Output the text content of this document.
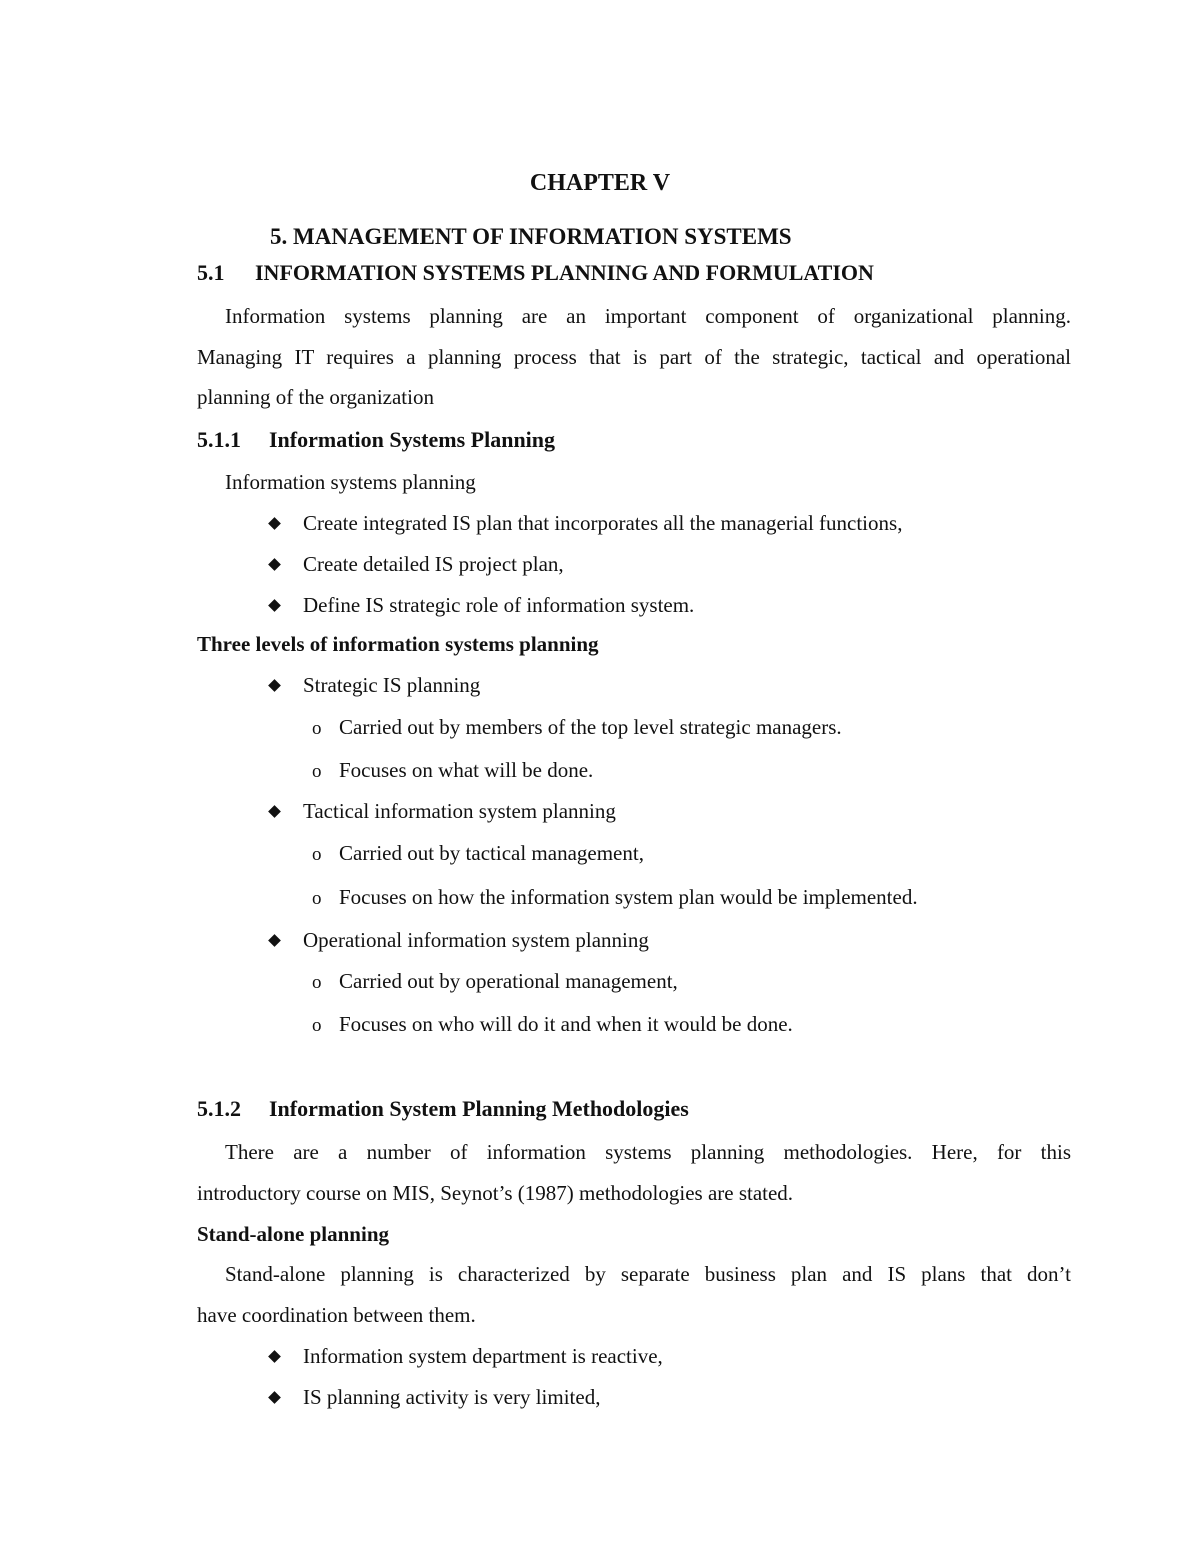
CHAPTER V
5. MANAGEMENT OF INFORMATION SYSTEMS
5.1 INFORMATION SYSTEMS PLANNING AND FORMULATION
Information systems planning are an important component of organizational planning.
Managing IT requires a planning process that is part of the strategic, tactical and operational
planning of the organization
5.1.1 Information Systems Planning
Information systems planning
Create integrated IS plan that incorporates all the managerial functions,
Create detailed IS project plan,
Define IS strategic role of information system.
Three levels of information systems planning
Strategic IS planning
o Carried out by members of the top level strategic managers.
o Focuses on what will be done.
Tactical information system planning
o Carried out by tactical management,
o Focuses on how the information system plan would be implemented.
Operational information system planning
o Carried out by operational management,
o Focuses on who will do it and when it would be done.
5.1.2 Information System Planning Methodologies
There are a number of information systems planning methodologies. Here, for this
introductory course on MIS, Seynot’s (1987) methodologies are stated.
Stand-alone planning
Stand-alone planning is characterized by separate business plan and IS plans that don’t
have coordination between them.
Information system department is reactive,
IS planning activity is very limited,
